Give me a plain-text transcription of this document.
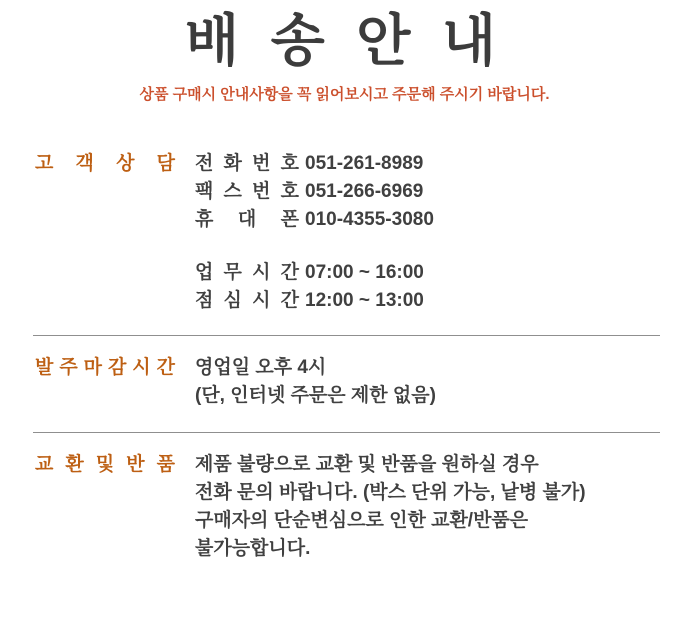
배 송 안 내

상품 구매시 안내사항을 꼭 읽어보시고 주문해 주시기 바랍니다.

고 객 상 담 전 화 번 호 051-261-8989
팩 스 번 호 051-266-6969
휴 대 폰 010-4355-3080
업 무 시 간 07:00 ~ 16:00
점 심 시 간 12:00 ~ 13:00
발 주 마 감 시 간 영업일 오후 4시
(단, 인터넷 주문은 제한 없음)
교 환 및 반 품 제품 불량으로 교환 및 반품을 원하실 경우
전화 문의 바랍니다. (박스 단위 가능, 낱병 불가)
구매자의 단순변심으로 인한 교환/반품은
불가능합니다.
